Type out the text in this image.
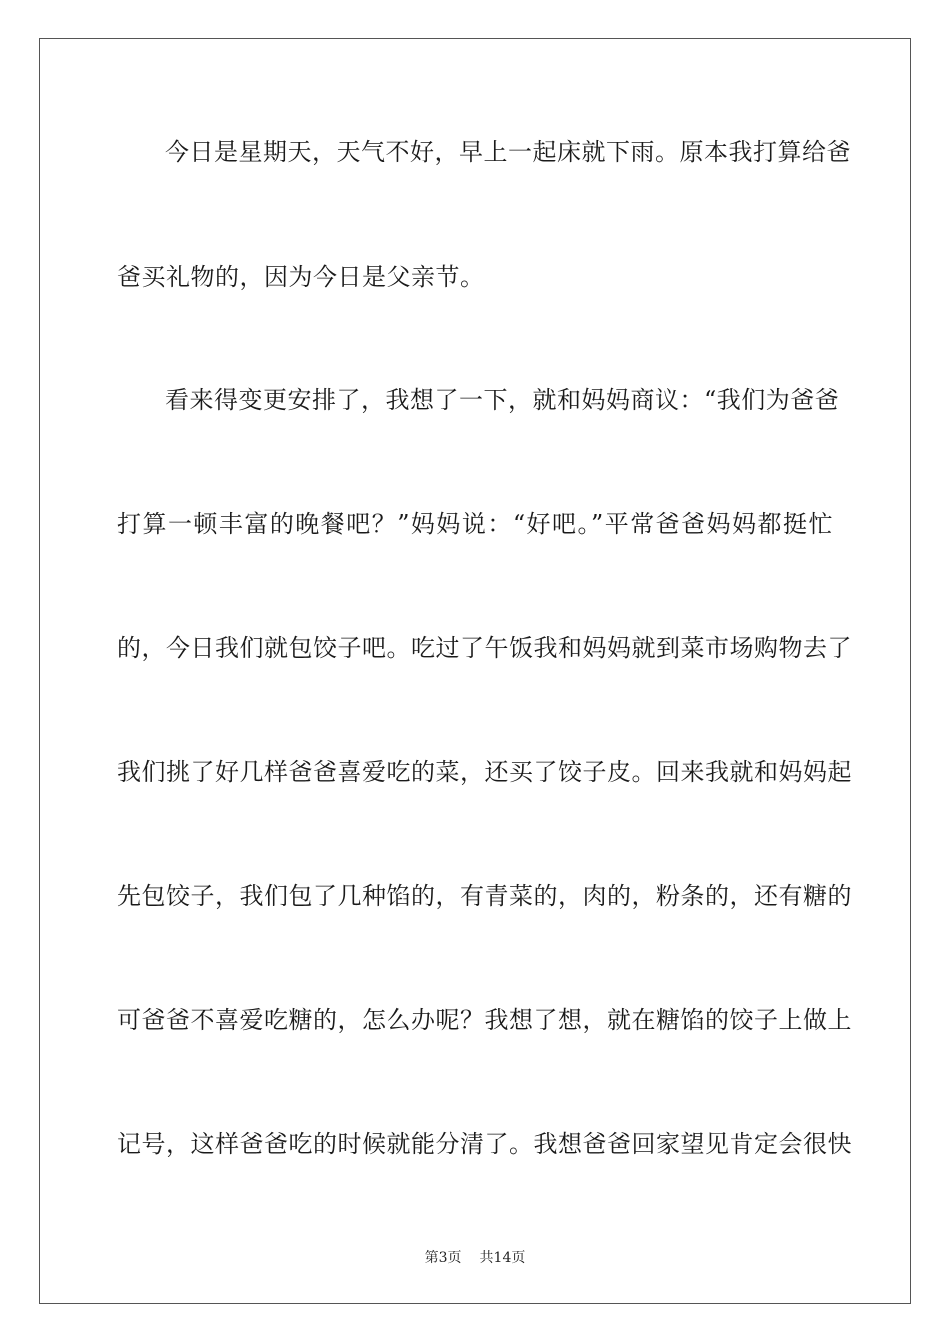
今日是星期天，天气不好，早上一起床就下雨。原本我打算给爸
爸买礼物的，因为今日是父亲节。
看来得变更安排了，我想了一下，就和妈妈商议：“我们为爸爸
打算一顿丰富的晚餐吧？”妈妈说：“好吧。”平常爸爸妈妈都挺忙
的，今日我们就包饺子吧。吃过了午饭我和妈妈就到菜市场购物去了
我们挑了好几样爸爸喜爱吃的菜，还买了饺子皮。回来我就和妈妈起
先包饺子，我们包了几种馅的，有青菜的，肉的，粉条的，还有糖的
可爸爸不喜爱吃糖的，怎么办呢？我想了想，就在糖馅的饺子上做上
记号，这样爸爸吃的时候就能分清了。我想爸爸回家望见肯定会很快
第3页 共14页
